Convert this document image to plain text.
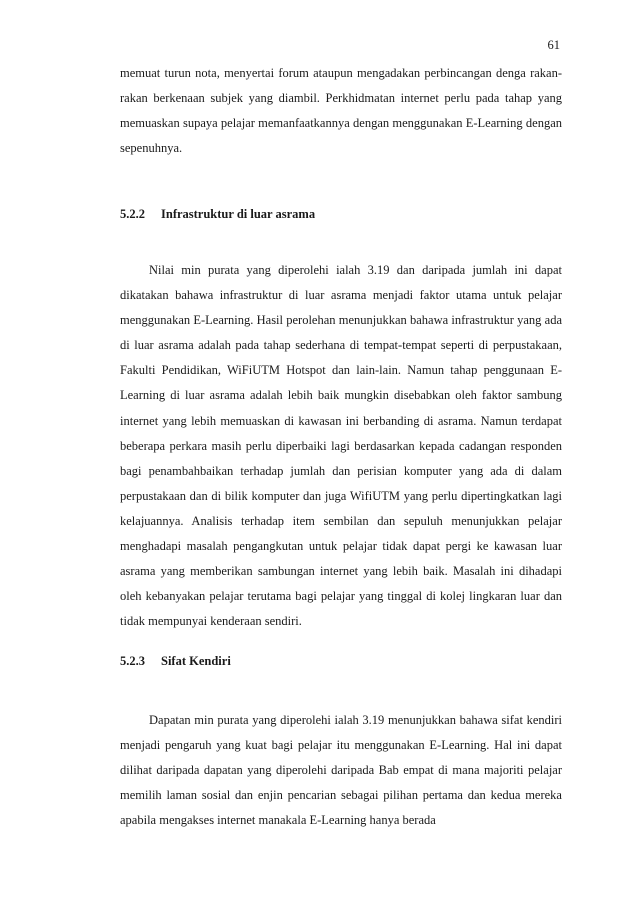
61

memuat turun nota, menyertai forum ataupun mengadakan perbincangan denga rakan-rakan berkenaan subjek yang diambil. Perkhidmatan internet perlu pada tahap yang memuaskan supaya pelajar memanfaatkannya dengan menggunakan E-Learning dengan sepenuhnya.

5.2.2 Infrastruktur di luar asrama

Nilai min purata yang diperolehi ialah 3.19 dan daripada jumlah ini dapat dikatakan bahawa infrastruktur di luar asrama menjadi faktor utama untuk pelajar menggunakan E-Learning. Hasil perolehan menunjukkan bahawa infrastruktur yang ada di luar asrama adalah pada tahap sederhana di tempat-tempat seperti di perpustakaan, Fakulti Pendidikan, WiFiUTM Hotspot dan lain-lain. Namun tahap penggunaan E-Learning di luar asrama adalah lebih baik mungkin disebabkan oleh faktor sambung internet yang lebih memuaskan di kawasan ini berbanding di asrama. Namun terdapat beberapa perkara masih perlu diperbaiki lagi berdasarkan kepada cadangan responden bagi penambahbaikan terhadap jumlah dan perisian komputer yang ada di dalam perpustakaan dan di bilik komputer dan juga WifiUTM yang perlu dipertingkatkan lagi kelajuannya. Analisis terhadap item sembilan dan sepuluh menunjukkan pelajar menghadapi masalah pengangkutan untuk pelajar tidak dapat pergi ke kawasan luar asrama yang memberikan sambungan internet yang lebih baik. Masalah ini dihadapi oleh kebanyakan pelajar terutama bagi pelajar yang tinggal di kolej lingkaran luar dan tidak mempunyai kenderaan sendiri.

5.2.3 Sifat Kendiri

Dapatan min purata yang diperolehi ialah 3.19 menunjukkan bahawa sifat kendiri menjadi pengaruh yang kuat bagi pelajar itu menggunakan E-Learning. Hal ini dapat dilihat daripada dapatan yang diperolehi daripada Bab empat di mana majoriti pelajar memilih laman sosial dan enjin pencarian sebagai pilihan pertama dan kedua mereka apabila mengakses internet manakala E-Learning hanya berada
